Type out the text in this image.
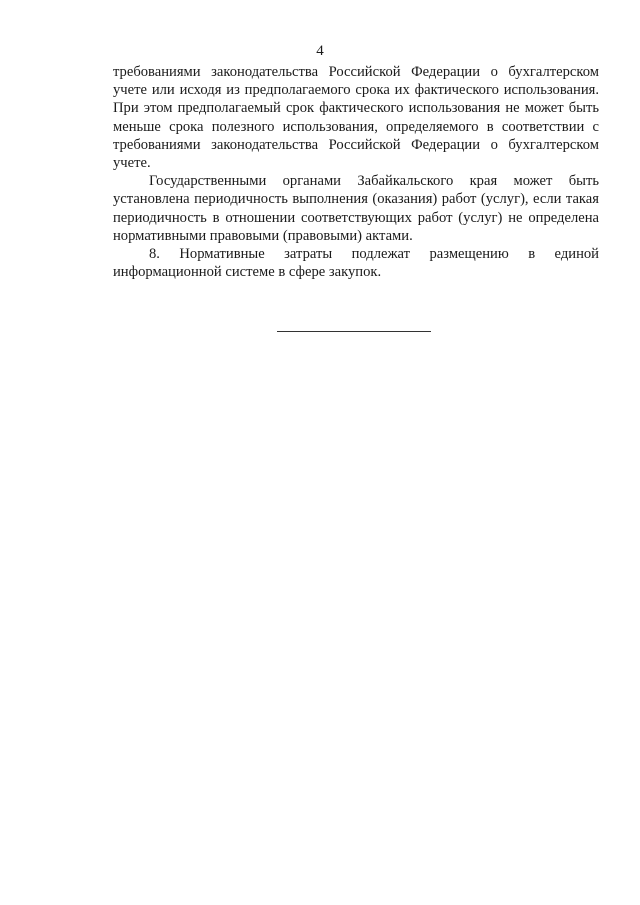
4

требованиями законодательства Российской Федерации о бухгалтерском учете или исходя из предполагаемого срока их фактического использования. При этом предполагаемый срок фактического использования не может быть меньше срока полезного использования, определяемого в соответствии с требованиями законодательства Российской Федерации о бухгалтерском учете.

Государственными органами Забайкальского края может быть установлена периодичность выполнения (оказания) работ (услуг), если такая периодичность в отношении соответствующих работ (услуг) не определена нормативными правовыми (правовыми) актами.

8. Нормативные затраты подлежат размещению в единой информационной системе в сфере закупок.
